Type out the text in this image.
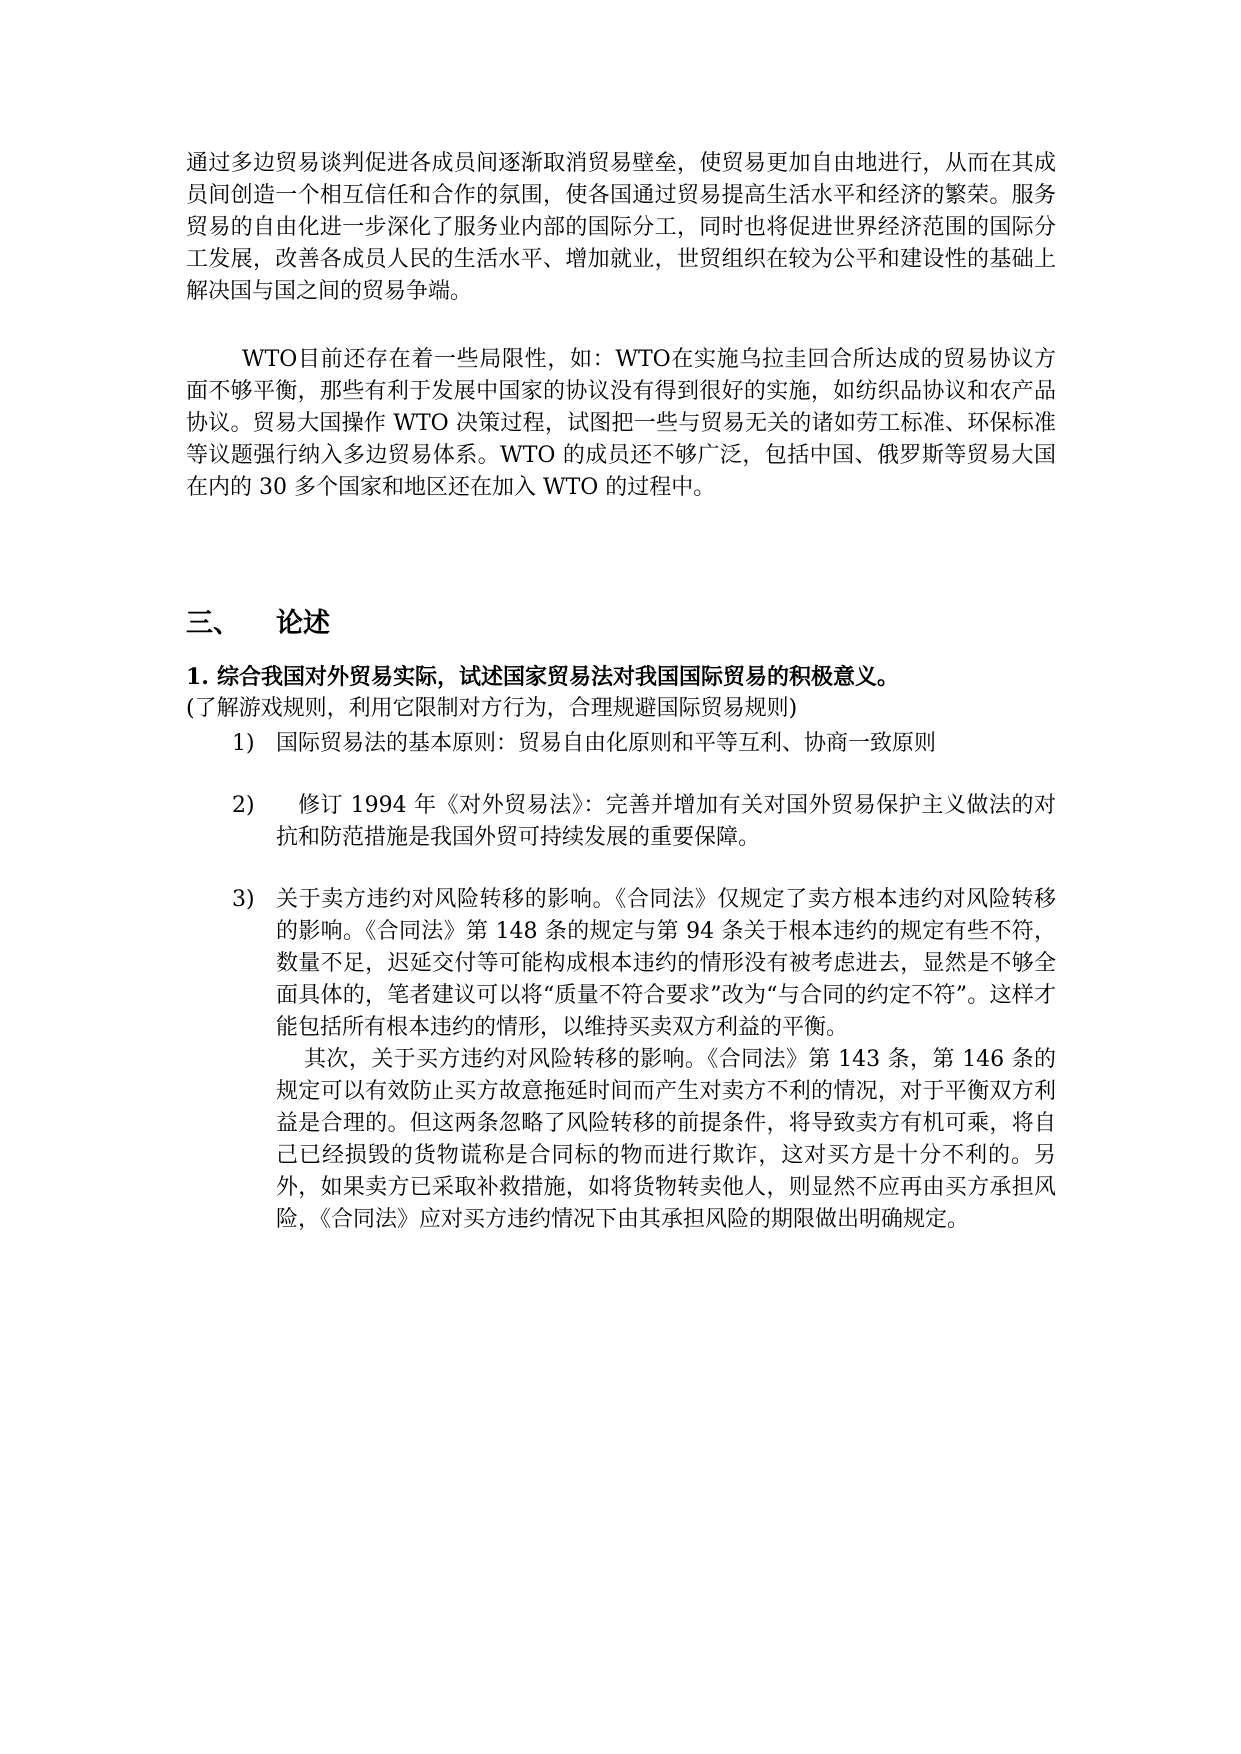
通过多边贸易谈判促进各成员间逐渐取消贸易壁垒，使贸易更加自由地进行，从而在其成员间创造一个相互信任和合作的氛围，使各国通过贸易提高生活水平和经济的繁荣。服务贸易的自由化进一步深化了服务业内部的国际分工，同时也将促进世界经济范围的国际分工发展，改善各成员人民的生活水平、增加就业，世贸组织在较为公平和建设性的基础上解决国与国之间的贸易争端。

WTO目前还存在着一些局限性，如：WTO在实施乌拉圭回合所达成的贸易协议方面不够平衡，那些有利于发展中国家的协议没有得到很好的实施，如纺织品协议和农产品协议。贸易大国操作 WTO 决策过程，试图把一些与贸易无关的诸如劳工标准、环保标准等议题强行纳入多边贸易体系。WTO 的成员还不够广泛，包括中国、俄罗斯等贸易大国在内的 30 多个国家和地区还在加入 WTO 的过程中。

三、 论述

1. 综合我国对外贸易实际，试述国家贸易法对我国国际贸易的积极意义。

(了解游戏规则，利用它限制对方行为，合理规避国际贸易规则)

1) 国际贸易法的基本原则：贸易自由化原则和平等互利、协商一致原则
2)	修订 1994 年《对外贸易法》：完善并增加有关对国外贸易保护主义做法的对抗和防范措施是我国外贸可持续发展的重要保障。
3) 关于卖方违约对风险转移的影响。《合同法》仅规定了卖方根本违约对风险转移的影响。《合同法》第 148 条的规定与第 94 条关于根本违约的规定有些不符，数量不足，迟延交付等可能构成根本违约的情形没有被考虑进去，显然是不够全面具体的，笔者建议可以将“质量不符合要求”改为“与合同的约定不符”。这样才能包括所有根本违约的情形，以维持买卖双方利益的平衡。
其次，关于买方违约对风险转移的影响。《合同法》第 143 条，第 146 条的规定可以有效防止买方故意拖延时间而产生对卖方不利的情况，对于平衡双方利益是合理的。但这两条忽略了风险转移的前提条件，将导致卖方有机可乘，将自己已经损毁的货物谎称是合同标的物而进行欺诈，这对买方是十分不利的。另外，如果卖方已采取补救措施，如将货物转卖他人，则显然不应再由买方承担风险，《合同法》应对买方违约情况下由其承担风险的期限做出明确规定。
